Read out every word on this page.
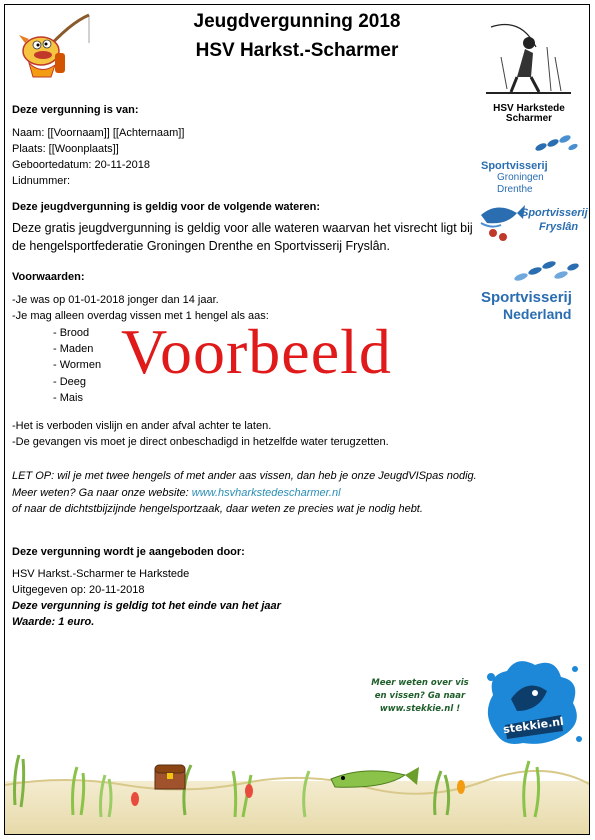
Jeugdvergunning 2018
HSV Harkst.-Scharmer
HSV Harkstede
Scharmer
Sportvisserij
Groningen Drenthe
Sportvisserij
Fryslân
Sportvisserij
Nederland
Deze vergunning is van:
Naam: [[Voornaam]] [[Achternaam]]
Plaats: [[Woonplaats]]
Geboortedatum: 20-11-2018
Lidnummer:
Deze jeugdvergunning is geldig voor de volgende wateren:
Deze gratis jeugdvergunning is geldig voor alle wateren waarvan het visrecht ligt bij
de hengelsportfederatie Groningen Drenthe en Sportvisserij Fryslân.
Voorwaarden:
-Je was op 01-01-2018 jonger dan 14 jaar.
-Je mag alleen overdag vissen met 1 hengel als aas:
- Brood
- Maden
- Wormen
- Deeg
- Mais
-Het is verboden vislijn en ander afval achter te laten.
-De gevangen vis moet je direct onbeschadigd in hetzelfde water terugzetten.
Voorbeeld
LET OP: wil je met twee hengels of met ander aas vissen, dan heb je onze JeugdVISpas nodig.
Meer weten? Ga naar onze website: www.hsvharkstedescharmer.nl
of naar de dichtstbijzijnde hengelsportzaak, daar weten ze precies wat je nodig hebt.
Deze vergunning wordt je aangeboden door:
HSV Harkst.-Scharmer te Harkstede
Uitgegeven op: 20-11-2018
Deze vergunning is geldig tot het einde van het jaar
Waarde: 1 euro.
Meer weten over vis
en vissen? Ga naar
www.stekkie.nl !
stekkie.nl
